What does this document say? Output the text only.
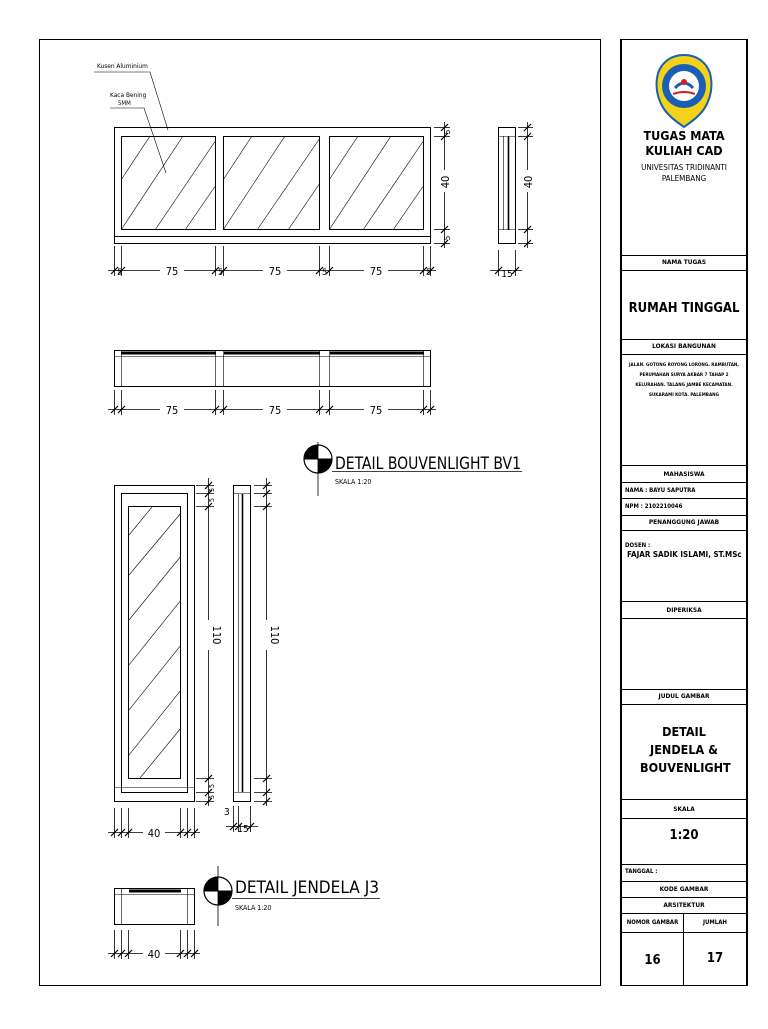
Kusen Aluminium
Kaca Bening
5MM
75	75	75
5	5	5	5
40
5
5
40
15
75	75	75
DETAIL BOUVENLIGHT BV1
SKALA 1:20
110
5
5
5
5
40
110
3
15
DETAIL JENDELA J3
SKALA 1:20
40
TUGAS MATA KULIAH CAD
UNIVESITAS TRIDINANTI
PALEMBANG
NAMA TUGAS
RUMAH TINGGAL
LOKASI BANGUNAN
JALAN. GOTONG ROYONG LORONG. RAMBUTAN, PERUMAHAN SURYA AKBAR 7 TAHAP 2 KELURAHAN. TALANG JAMBE KECAMATAN. SUKARAMI KOTA. PALEMBANG
MAHASISWA
NAMA : BAYU SAPUTRA
NPM : 2102210046
PENANGGUNG JAWAB
DOSEN :
FAJAR SADIK ISLAMI, ST.MSc
DIPERIKSA
JUDUL GAMBAR
DETAIL JENDELA & BOUVENLIGHT
SKALA
1:20
TANGGAL :
KODE GAMBAR
ARSITEKTUR
NOMOR GAMBAR	JUMLAH
16	17
